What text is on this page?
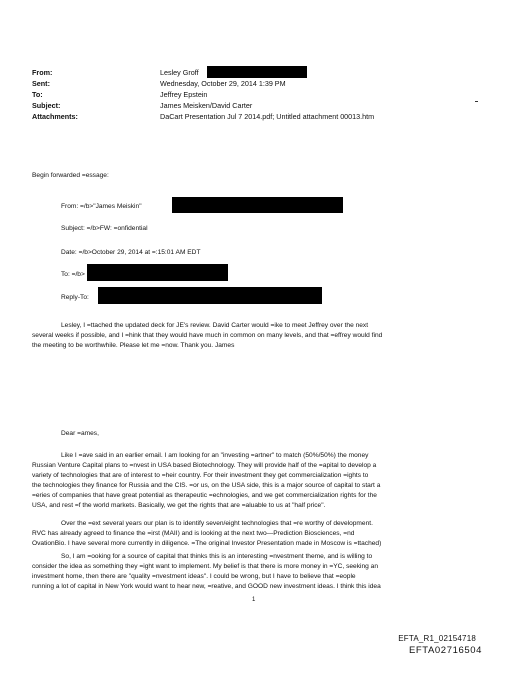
From:	Lesley Groff
Sent:	Wednesday, October 29, 2014 1:39 PM
To:	Jeffrey Epstein
Subject:	James Meisken/David Carter
Attachments:	DaCart Presentation Jul 7 2014.pdf; Untitled attachment 00013.htm
Begin forwarded =essage:
From: =/b>"James Meiskin"
Subject: =/b>FW: =onfidential
Date: =/b>October 29, 2014 at =:15:01 AM EDT
To: =/b>
Reply-To:
Lesley, I =ttached the updated deck for JE's review. David Carter would =ike to meet Jeffrey over the next
several weeks if possible, and I =hink that they would have much in common on many levels, and that =effrey would find
the meeting to be worthwhile. Please let me =now. Thank you. James
Dear =ames,
Like I =ave said in an earlier email. I am looking for an "investing =artner" to match (50%/50%) the money
Russian Venture Capital plans to =nvest in USA based Biotechnology. They will provide half of the =apital to develop a
variety of technologies that are of interest to =heir country. For their investment they get commercialization =ights to
the technologies they finance for Russia and the CIS. =or us, on the USA side, this is a major source of capital to start a
=eries of companies that have great potential as therapeutic =echnologies, and we get commercialization rights for the
USA, and rest =f the world markets. Basically, we get the rights that are =aluable to us at "half price".
Over the =ext several years our plan is to identify seven/eight technologies that =re worthy of development.
RVC has already agreed to finance the =irst (MAII) and is looking at the next two—Prediction Biosciences, =nd
OvationBio. I have several more currently in diligence. =The original Investor Presentation made in Moscow is =ttached)
So, I am =ooking for a source of capital that thinks this is an interesting =nvestment theme, and is willing to
consider the idea as something they =ight want to implement. My belief is that there is more money in =YC, seeking an
investment home, then there are "quality =nvestment ideas". I could be wrong, but I have to believe that =eople
running a lot of capital in New York would want to hear new, =reative, and GOOD new investment ideas. I think this idea
1
EFTA_R1_02154718
EFTA02716504
